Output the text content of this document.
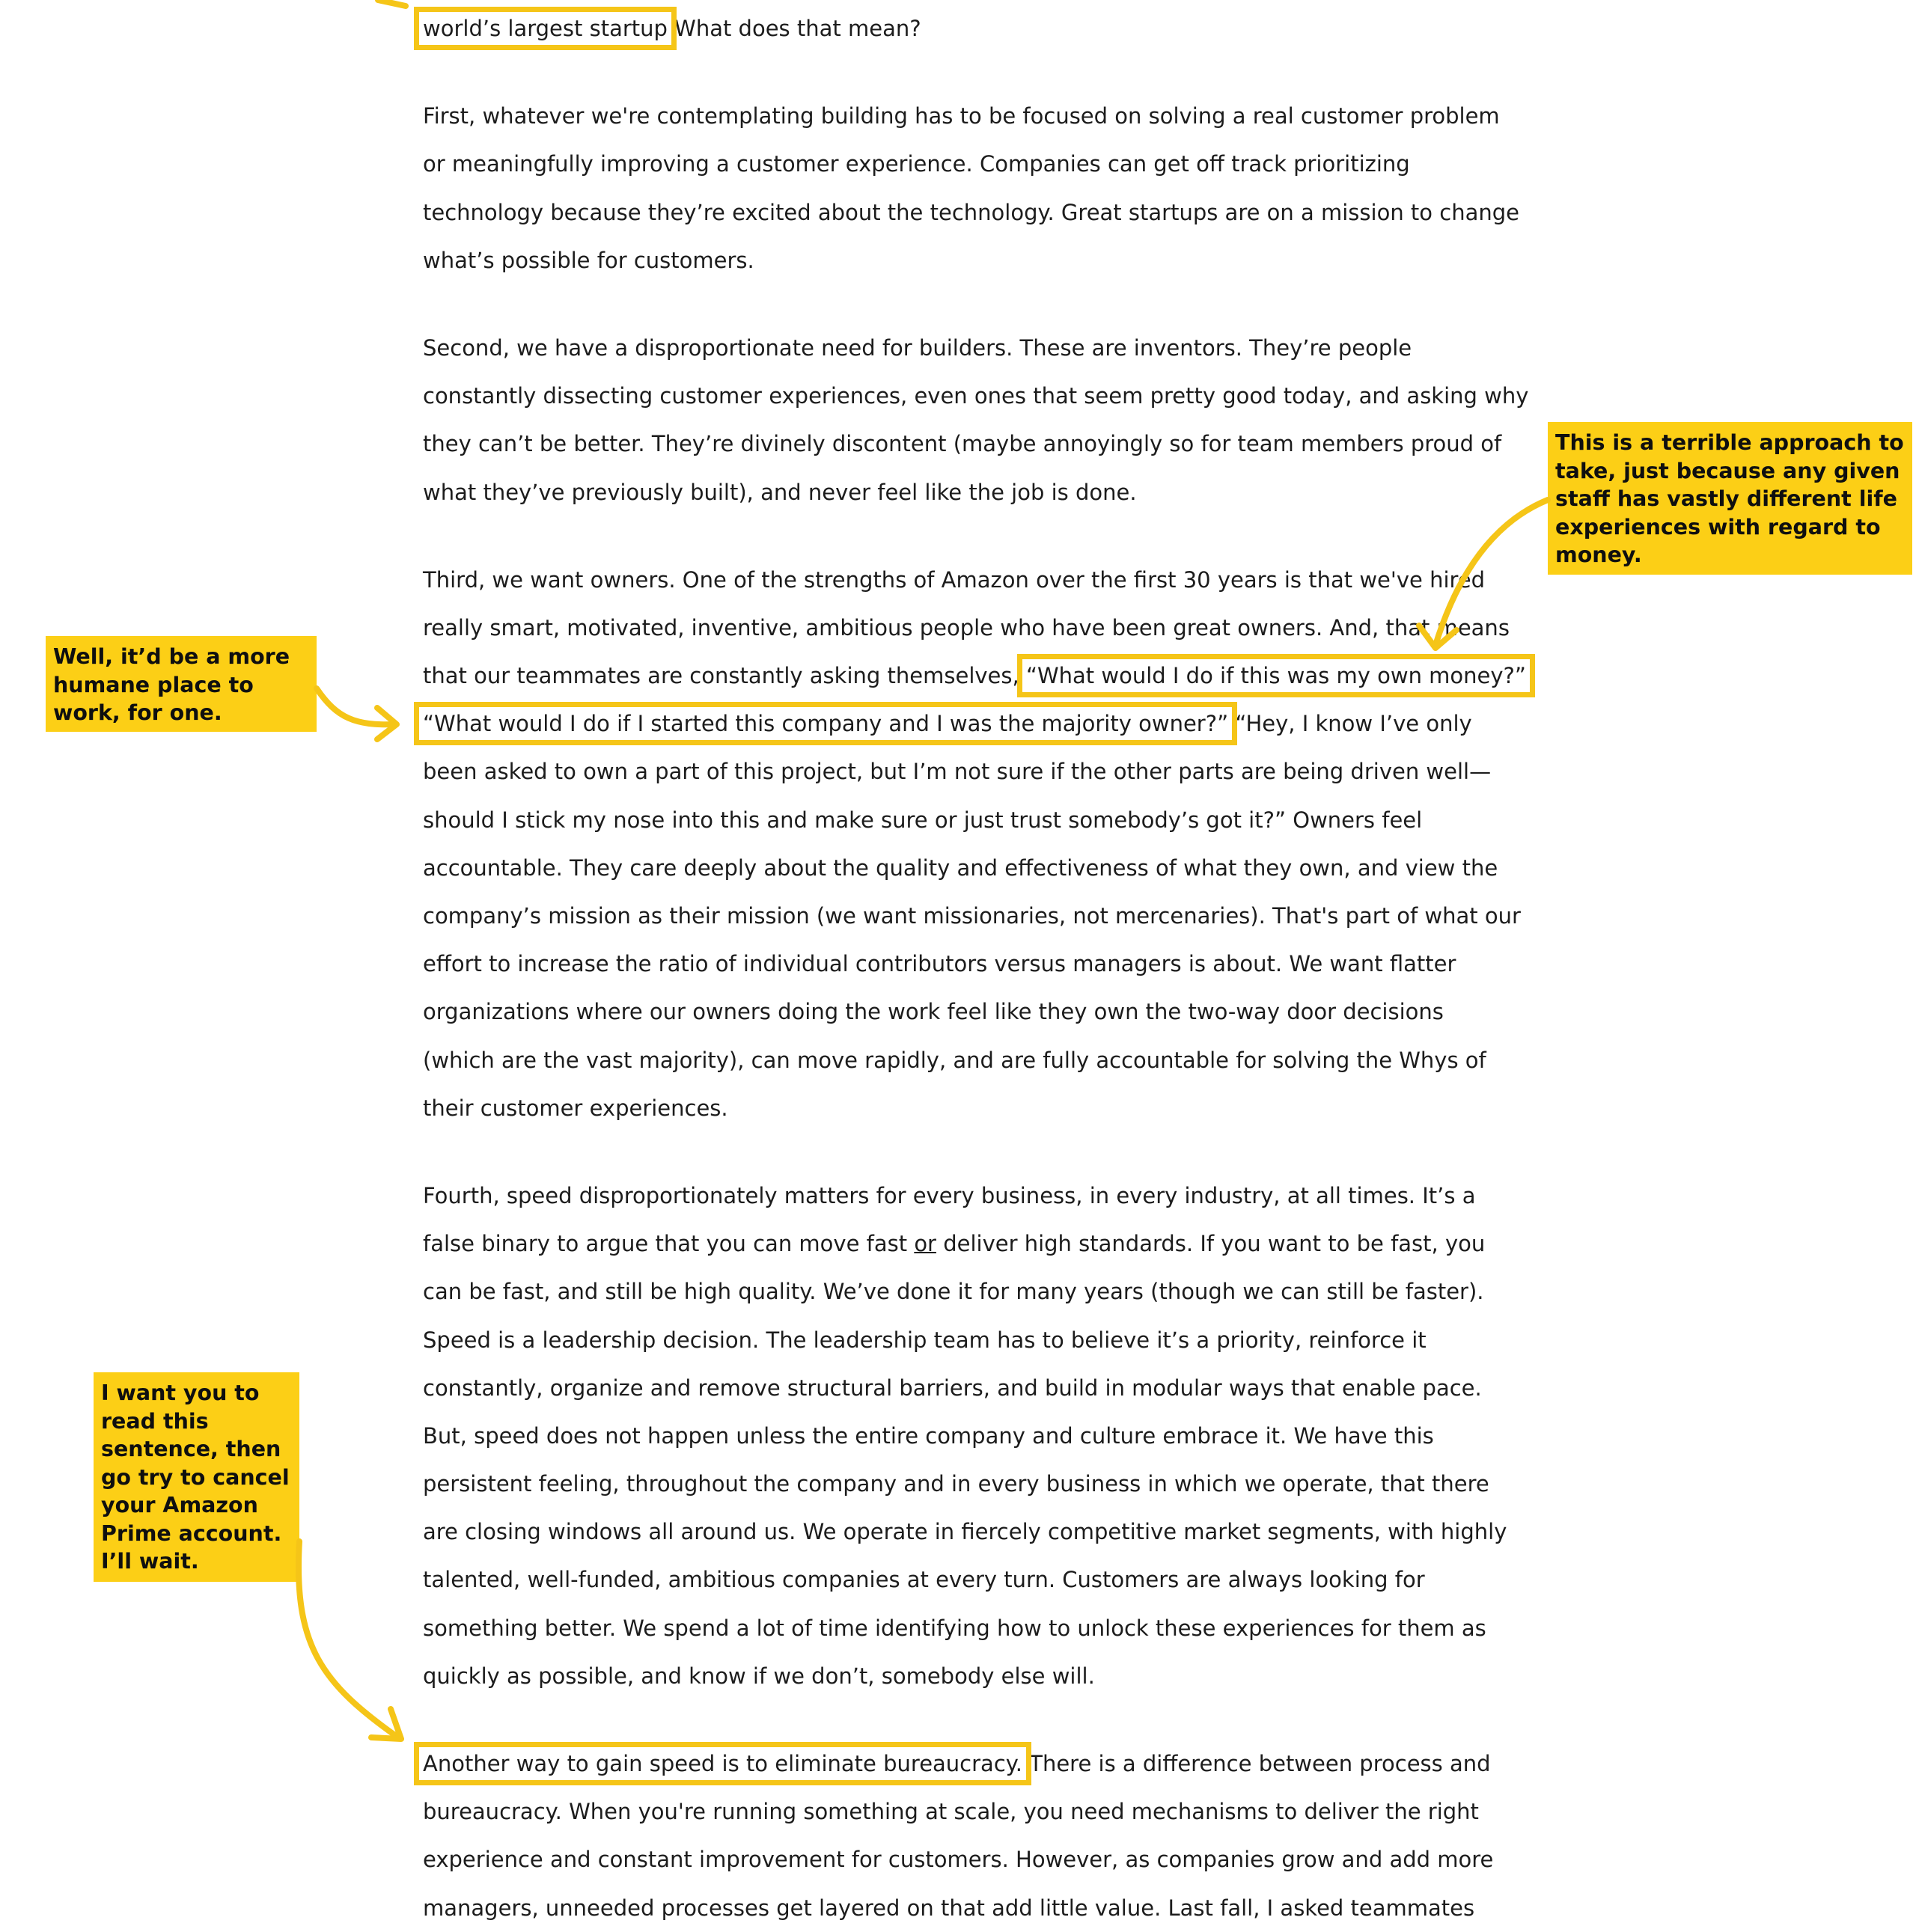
world’s largest startup What does that mean?

First, whatever we're contemplating building has to be focused on solving a real customer problem
or meaningfully improving a customer experience. Companies can get off track prioritizing
technology because they’re excited about the technology. Great startups are on a mission to change
what’s possible for customers.
Second, we have a disproportionate need for builders. These are inventors. They’re people
constantly dissecting customer experiences, even ones that seem pretty good today, and asking why
they can’t be better. They’re divinely discontent (maybe annoyingly so for team members proud of
what they’ve previously built), and never feel like the job is done.
Third, we want owners. One of the strengths of Amazon over the first 30 years is that we've hired
really smart, motivated, inventive, ambitious people who have been great owners. And, that means
that our teammates are constantly asking themselves, “What would I do if this was my own money?”
“What would I do if I started this company and I was the majority owner?” “Hey, I know I’ve only
been asked to own a part of this project, but I’m not sure if the other parts are being driven well—
should I stick my nose into this and make sure or just trust somebody’s got it?” Owners feel
accountable. They care deeply about the quality and effectiveness of what they own, and view the
company’s mission as their mission (we want missionaries, not mercenaries). That's part of what our
effort to increase the ratio of individual contributors versus managers is about. We want flatter
organizations where our owners doing the work feel like they own the two-way door decisions
(which are the vast majority), can move rapidly, and are fully accountable for solving the Whys of
their customer experiences.
Fourth, speed disproportionately matters for every business, in every industry, at all times. It’s a
false binary to argue that you can move fast or deliver high standards. If you want to be fast, you
can be fast, and still be high quality. We’ve done it for many years (though we can still be faster).
Speed is a leadership decision. The leadership team has to believe it’s a priority, reinforce it
constantly, organize and remove structural barriers, and build in modular ways that enable pace.
But, speed does not happen unless the entire company and culture embrace it. We have this
persistent feeling, throughout the company and in every business in which we operate, that there
are closing windows all around us. We operate in fiercely competitive market segments, with highly
talented, well-funded, ambitious companies at every turn. Customers are always looking for
something better. We spend a lot of time identifying how to unlock these experiences for them as
quickly as possible, and know if we don’t, somebody else will.
Another way to gain speed is to eliminate bureaucracy. There is a difference between process and
bureaucracy. When you're running something at scale, you need mechanisms to deliver the right
experience and constant improvement for customers. However, as companies grow and add more
managers, unneeded processes get layered on that add little value. Last fall, I asked teammates
This is a terrible approach to take, just because any given staff has vastly different life experiences with regard to money.
Well, it’d be a more humane place to work, for one.
I want you to read this sentence, then go try to cancel your Amazon Prime account. I’ll wait.
